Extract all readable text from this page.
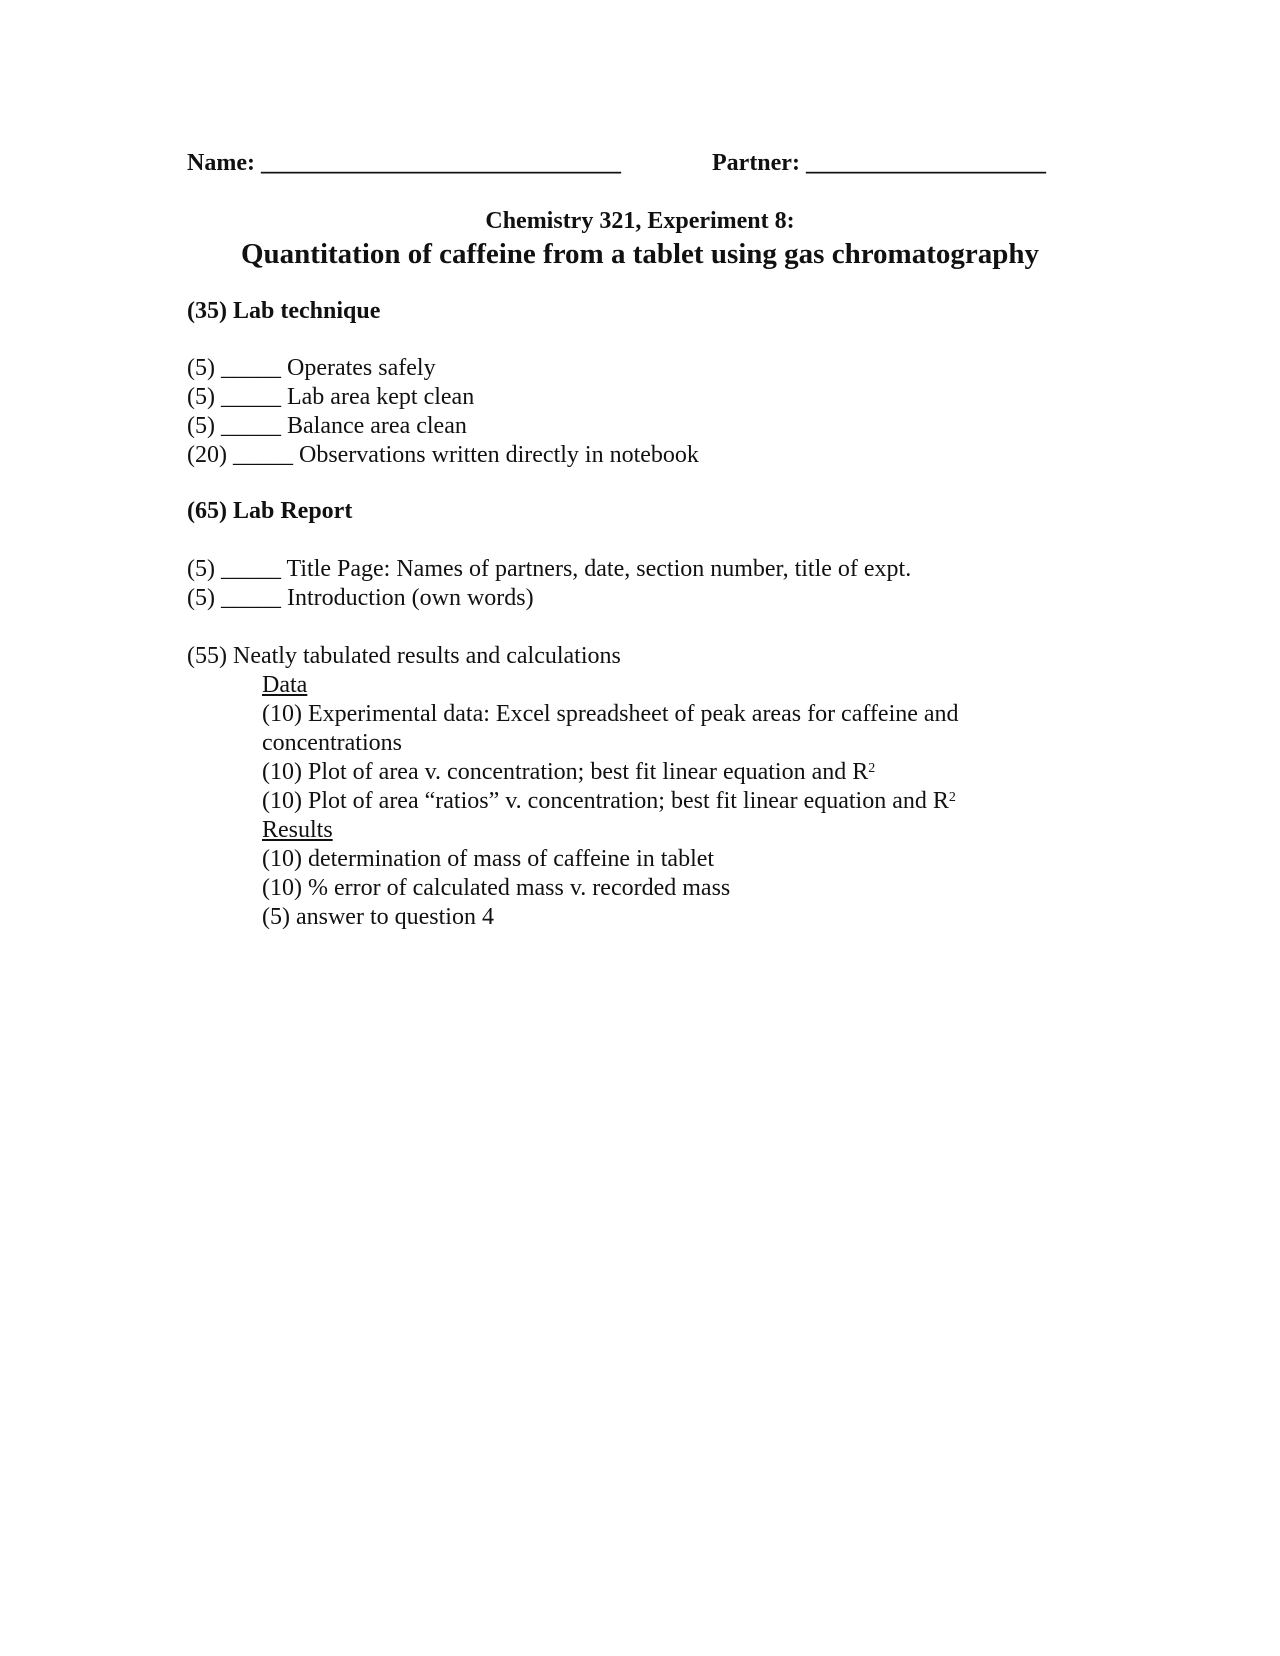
Name: ______________________________	Partner: ____________________
Chemistry 321, Experiment 8:
Quantitation of caffeine from a tablet using gas chromatography
(35) Lab technique
(5) _____ Operates safely
(5) _____ Lab area kept clean
(5) _____ Balance area clean
(20) _____ Observations written directly in notebook
(65) Lab Report
(5) _____ Title Page: Names of partners, date, section number, title of expt.
(5) _____ Introduction (own words)
(55) Neatly tabulated results and calculations
Data
(10) Experimental data: Excel spreadsheet of peak areas for caffeine and concentrations
(10) Plot of area v. concentration; best fit linear equation and $R^2$
(10) Plot of area “ratios” v. concentration; best fit linear equation and $R^2$
Results
(10) determination of mass of caffeine in tablet
(10) % error of calculated mass v. recorded mass
(5) answer to question 4
